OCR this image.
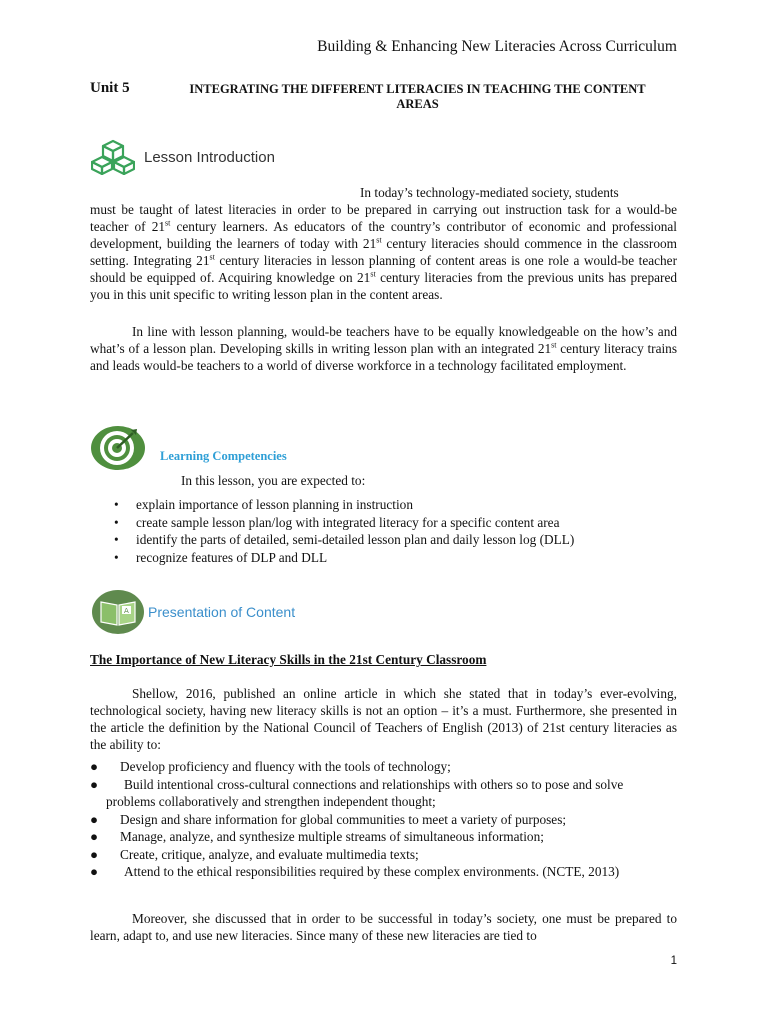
Building & Enhancing New Literacies Across Curriculum
Unit 5	INTEGRATING THE DIFFERENT LITERACIES IN TEACHING THE CONTENT AREAS
Lesson Introduction
In today’s technology-mediated society, students
must be taught of latest literacies in order to be prepared in carrying out instruction task for a would-be teacher of 21st century learners. As educators of the country’s contributor of economic and professional development, building the learners of today with 21st century literacies should commence in the classroom setting. Integrating 21st century literacies in lesson planning of content areas is one role a would-be teacher should be equipped of. Acquiring knowledge on 21st century literacies from the previous units has prepared you in this unit specific to writing lesson plan in the content areas.
In line with lesson planning, would-be teachers have to be equally knowledgeable on the how’s and what’s of a lesson plan. Developing skills in writing lesson plan with an integrated 21st century literacy trains and leads would-be teachers to a world of diverse workforce in a technology facilitated employment.
Learning Competencies
In this lesson, you are expected to:
• explain importance of lesson planning in instruction
• create sample lesson plan/log with integrated literacy for a specific content area
• identify the parts of detailed, semi-detailed lesson plan and daily lesson log (DLL)
• recognize features of DLP and DLL
A Presentation of Content
The Importance of New Literacy Skills in the 21st Century Classroom
Shellow, 2016, published an online article in which she stated that in today’s ever-evolving, technological society, having new literacy skills is not an option – it’s a must. Furthermore, she presented in the article the definition by the National Council of Teachers of English (2013) of 21st century literacies as the ability to:
● Develop proficiency and fluency with the tools of technology;
● Build intentional cross-cultural connections and relationships with others so to pose and solve
problems collaboratively and strengthen independent thought;
● Design and share information for global communities to meet a variety of purposes;
● Manage, analyze, and synthesize multiple streams of simultaneous information;
● Create, critique, analyze, and evaluate multimedia texts;
● Attend to the ethical responsibilities required by these complex environments. (NCTE, 2013)
Moreover, she discussed that in order to be successful in today’s society, one must be prepared to learn, adapt to, and use new literacies. Since many of these new literacies are tied to
1
